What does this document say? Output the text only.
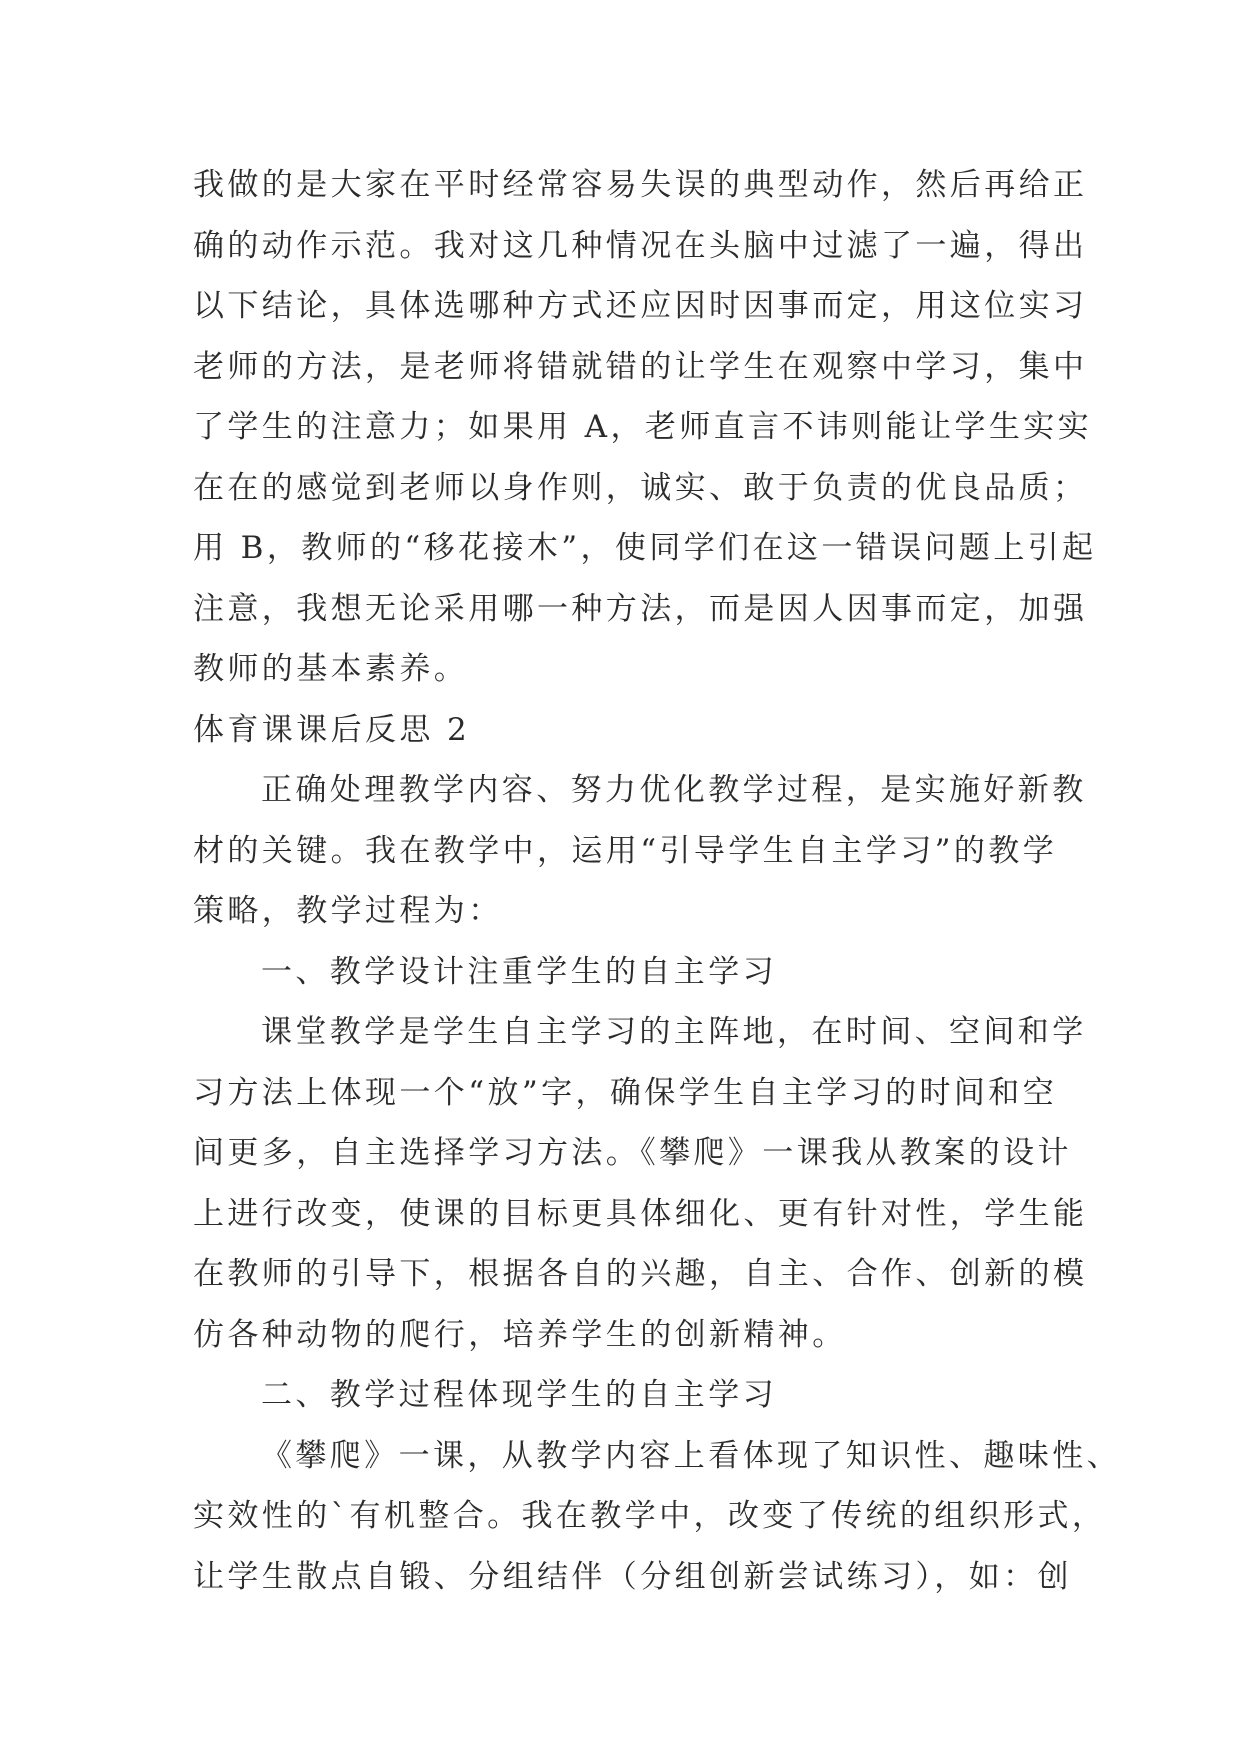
我做的是大家在平时经常容易失误的典型动作，然后再给正
确的动作示范。我对这几种情况在头脑中过滤了一遍，得出
以下结论，具体选哪种方式还应因时因事而定，用这位实习
老师的方法，是老师将错就错的让学生在观察中学习，集中
了学生的注意力；如果用 A，老师直言不讳则能让学生实实
在在的感觉到老师以身作则，诚实、敢于负责的优良品质；
用 B，教师的“移花接木”，使同学们在这一错误问题上引起
注意，我想无论采用哪一种方法，而是因人因事而定，加强
教师的基本素养。
体育课课后反思 2
正确处理教学内容、努力优化教学过程，是实施好新教
材的关键。我在教学中，运用“引导学生自主学习”的教学
策略，教学过程为：
一、教学设计注重学生的自主学习
课堂教学是学生自主学习的主阵地，在时间、空间和学
习方法上体现一个“放”字，确保学生自主学习的时间和空
间更多，自主选择学习方法。《攀爬》一课我从教案的设计
上进行改变，使课的目标更具体细化、更有针对性，学生能
在教师的引导下，根据各自的兴趣，自主、合作、创新的模
仿各种动物的爬行，培养学生的创新精神。
二、教学过程体现学生的自主学习
《攀爬》一课，从教学内容上看体现了知识性、趣味性、
实效性的`有机整合。我在教学中，改变了传统的组织形式，
让学生散点自锻、分组结伴（分组创新尝试练习），如：创
